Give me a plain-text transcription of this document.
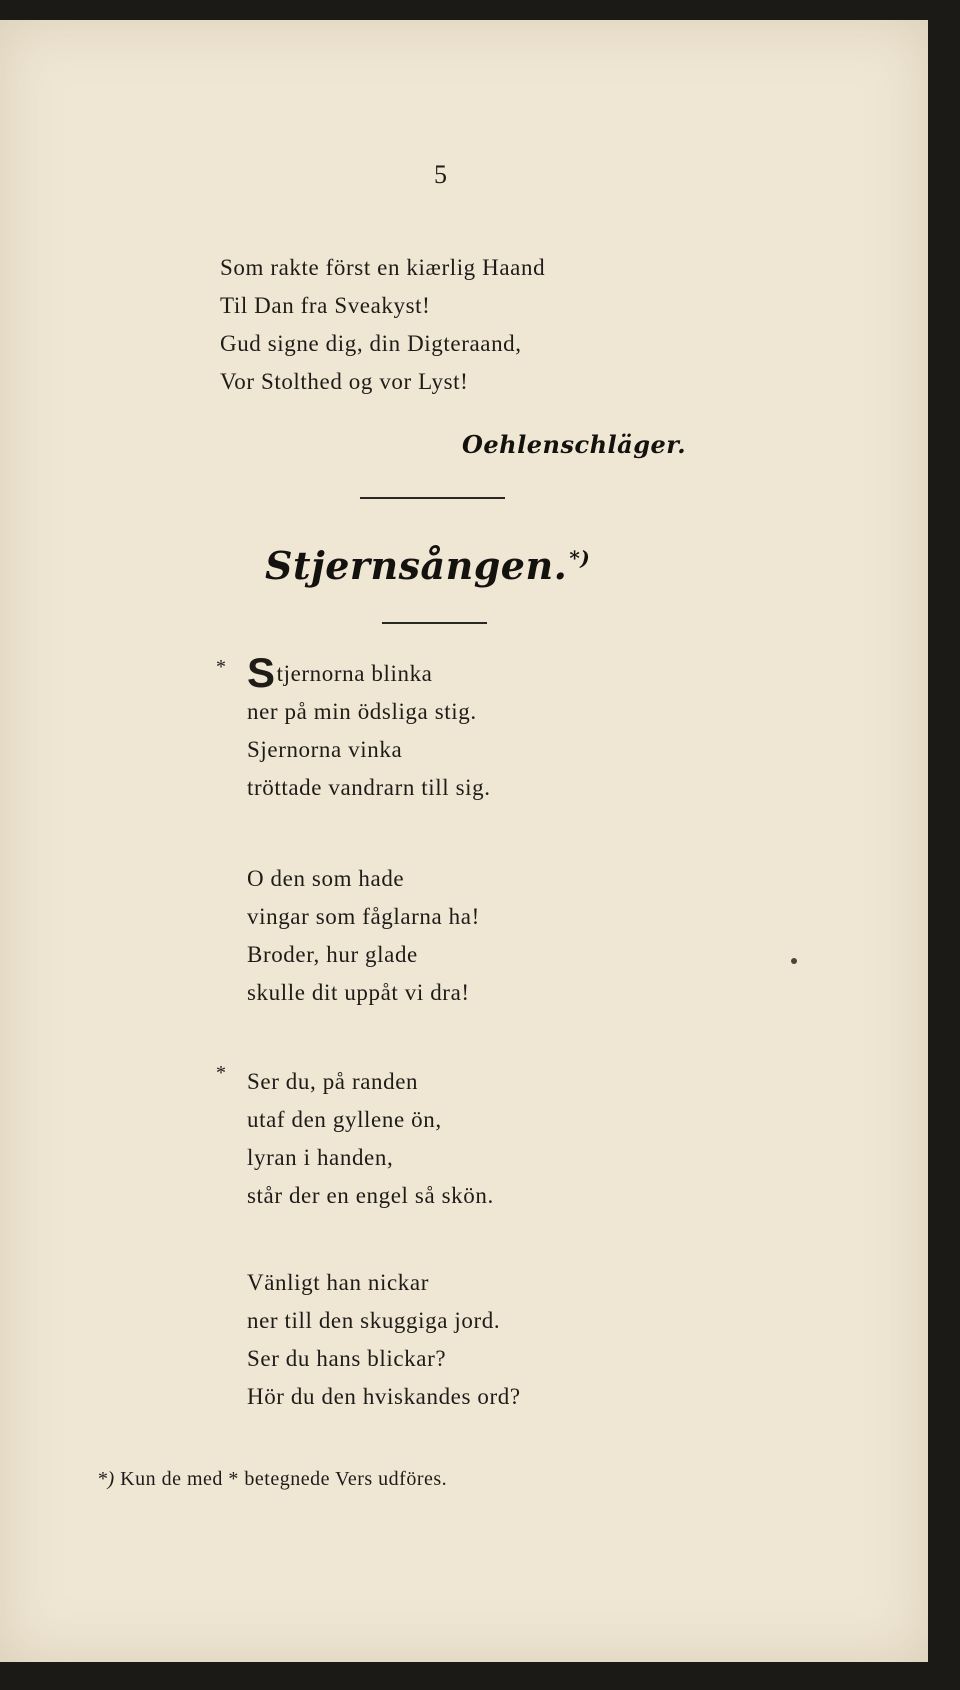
5
Som rakte först en kiærlig Haand
Til Dan fra Sveakyst!
Gud signe dig, din Digteraand,
Vor Stolthed og vor Lyst!
Oehlenschläger.
Stjernsången. *)
* Stjernorna blinka
ner på min ödsliga stig.
Sjernorna vinka
tröttade vandrarn till sig.
O den som hade
vingar som fåglarna ha!
Broder, hur glade
skulle dit uppåt vi dra!
* Ser du, på randen
utaf den gyllene ön,
lyran i handen,
står der en engel så skön.
Vänligt han nickar
ner till den skuggiga jord.
Ser du hans blickar?
Hör du den hviskandes ord?
*) Kun de med * betegnede Vers udföres.
